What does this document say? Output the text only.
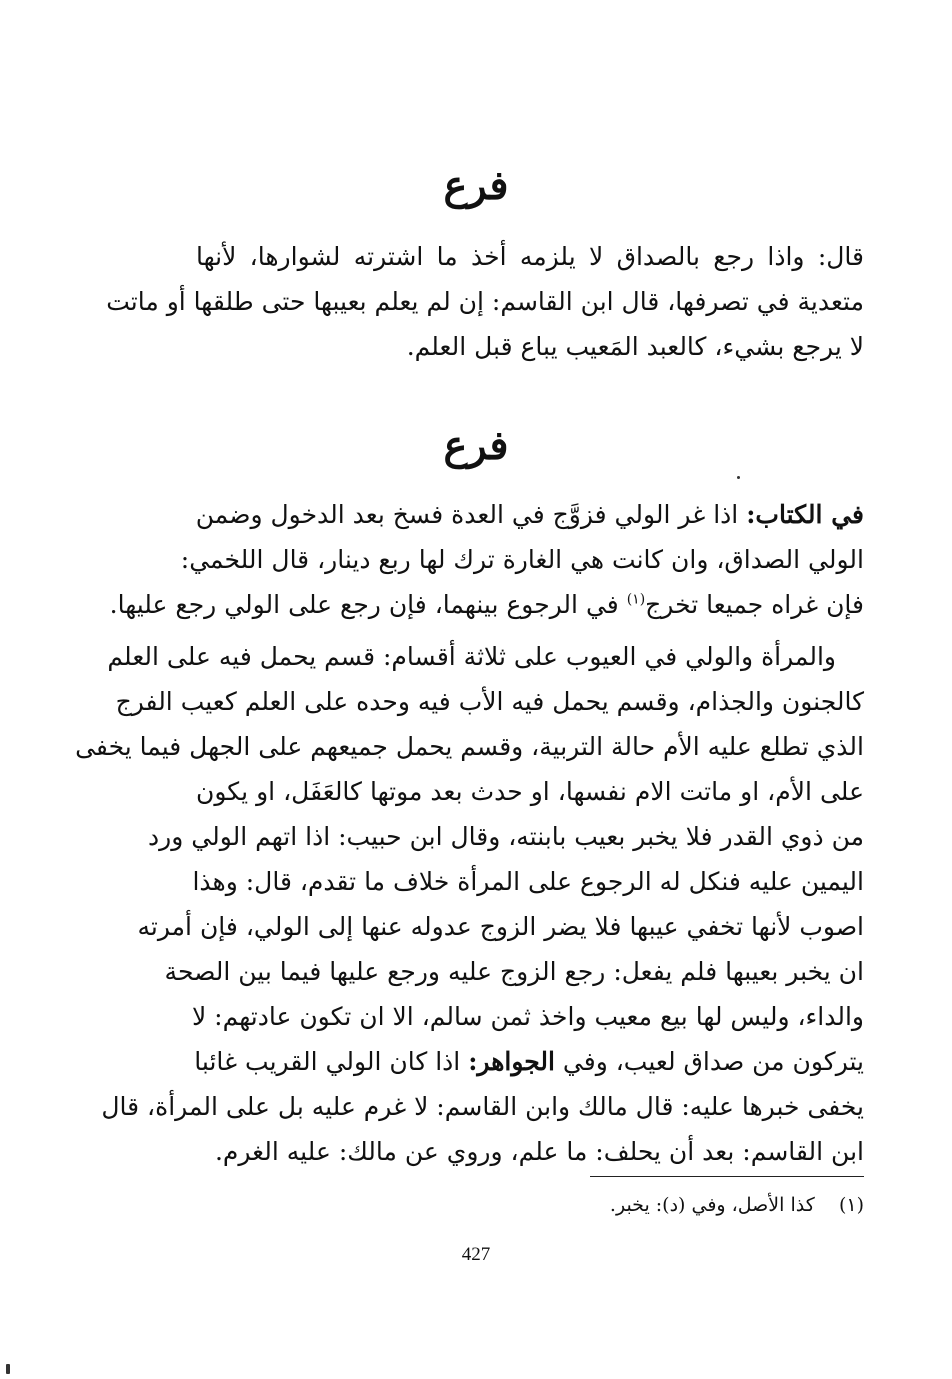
فرع

قال: واذا رجع بالصداق لا يلزمه أخذ ما اشترته لشوارها، لأنها
متعدية في تصرفها، قال ابن القاسم: إن لم يعلم بعيبها حتى طلقها أو ماتت
لا يرجع بشيء، كالعبد المَعيب يباع قبل العلم.

فرع

في الكتاب: اذا غر الولي فزوَّج في العدة فسخ بعد الدخول وضمن
الولي الصداق، وان كانت هي الغارة ترك لها ربع دينار، قال اللخمي:
فإن غراه جميعا تخرج$^{(١)}$ في الرجوع بينهما، فإن رجع على الولي رجع عليها.

والمرأة والولي في العيوب على ثلاثة أقسام: قسم يحمل فيه على العلم
كالجنون والجذام، وقسم يحمل فيه الأب فيه وحده على العلم كعيب الفرج
الذي تطلع عليه الأم حالة التربية، وقسم يحمل جميعهم على الجهل فيما يخفى
على الأم، او ماتت الام نفسها، او حدث بعد موتها كالعَفَل، او يكون
من ذوي القدر فلا يخبر بعيب بابنته، وقال ابن حبيب: اذا اتهم الولي ورد
اليمين عليه فنكل له الرجوع على المرأة خلاف ما تقدم، قال: وهذا
اصوب لأنها تخفي عيبها فلا يضر الزوج عدوله عنها إلى الولي، فإن أمرته
ان يخبر بعيبها فلم يفعل: رجع الزوج عليه ورجع عليها فيما بين الصحة
والداء، وليس لها بيع معيب واخذ ثمن سالم، الا ان تكون عادتهم: لا
يتركون من صداق لعيب، وفي الجواهر: اذا كان الولي القريب غائبا
يخفى خبرها عليه: قال مالك وابن القاسم: لا غرم عليه بل على المرأة، قال
ابن القاسم: بعد أن يحلف: ما علم، وروي عن مالك: عليه الغرم.

(١)    كذا الأصل، وفي (د): يخبر.

427
